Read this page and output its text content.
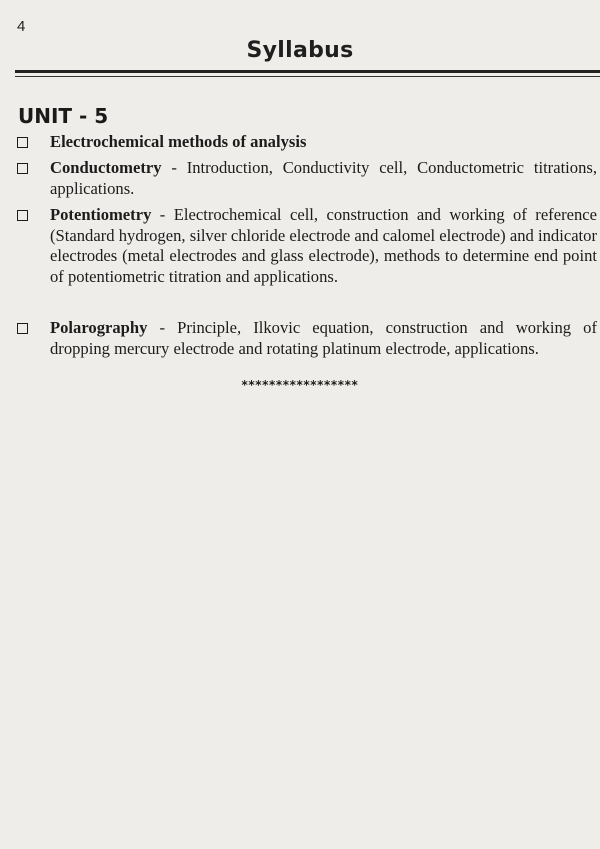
4
Syllabus
UNIT - 5
Electrochemical methods of analysis
Conductometry - Introduction, Conductivity cell, Conductometric titrations, applications.
Potentiometry - Electrochemical cell, construction and working of reference (Standard hydrogen, silver chloride electrode and calomel electrode) and indicator electrodes (metal electrodes and glass electrode), methods to determine end point of potentiometric titration and applications.
Polarography - Principle, Ilkovic equation, construction and working of dropping mercury electrode and rotating platinum electrode, applications.
*****************
